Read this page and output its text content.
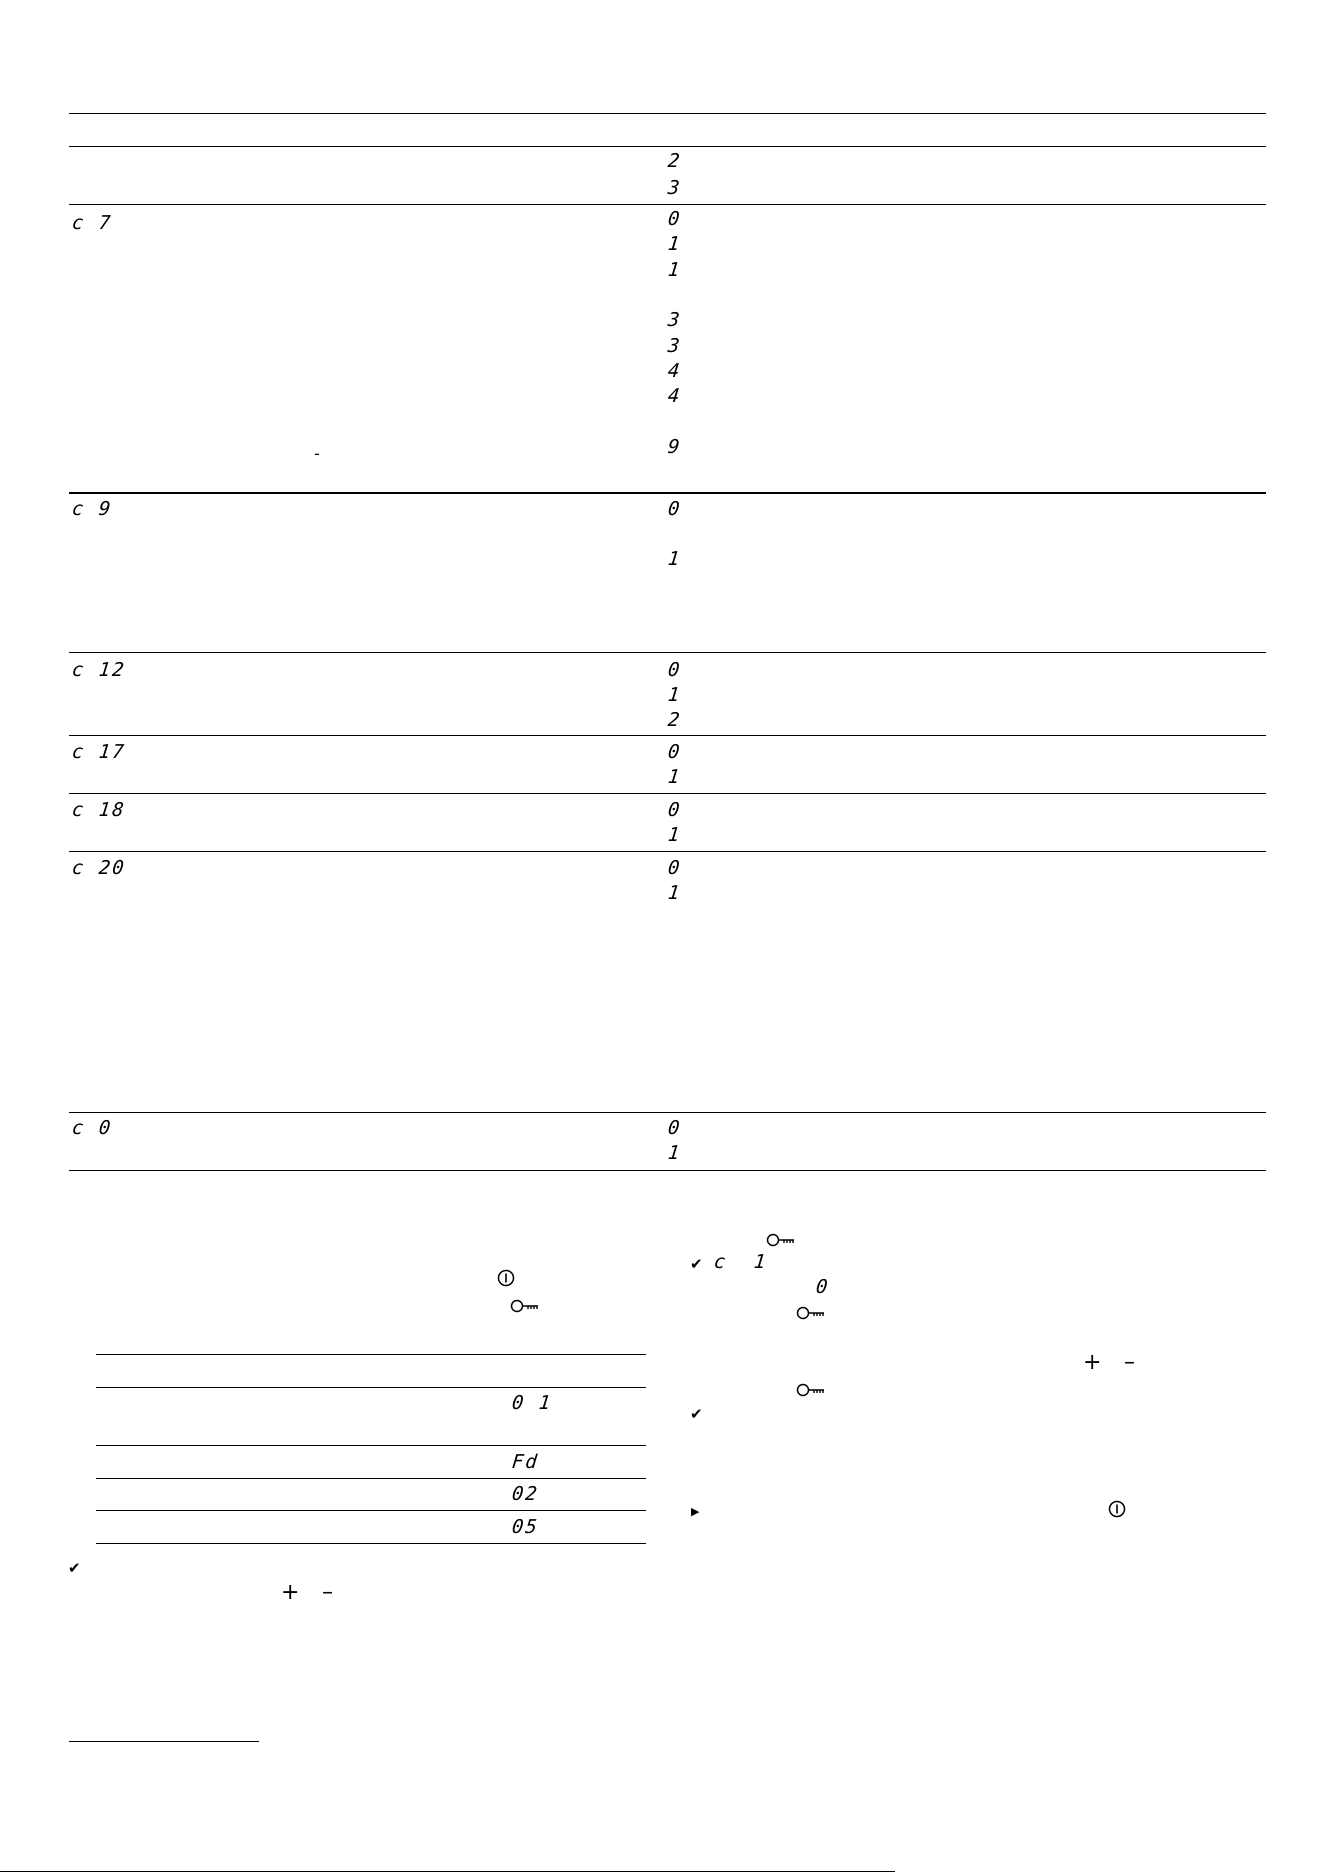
c 7
c 9
c 12
c 17
c 18
c 20
c 0
-
2
3
0
1
1
3
3
4
4
9
0
1
0
1
2
0
1
0
1
0
1
0
1
0 1
Fd
02
05
✔
+ –
✔ c 1
0
+ –
✔
▶
